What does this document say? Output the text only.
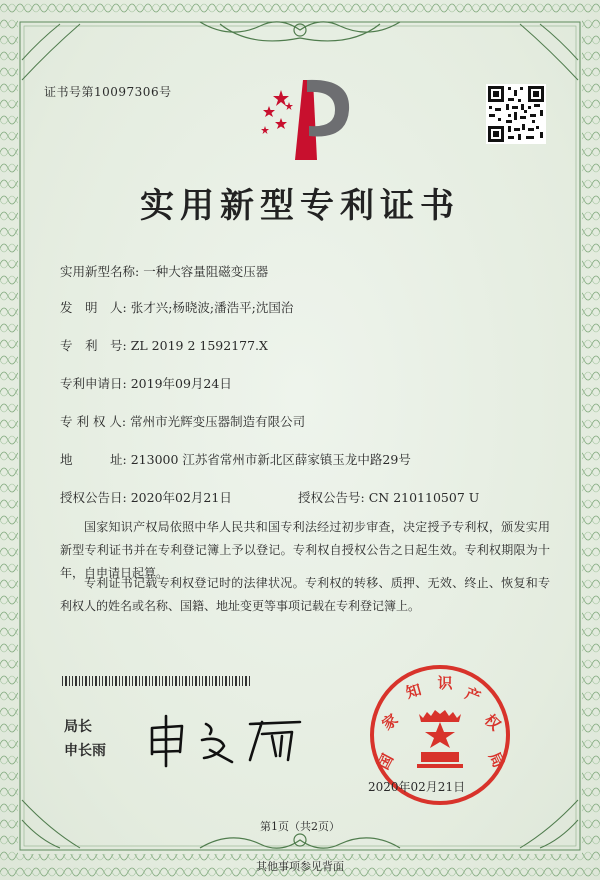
证书号第10097306号
实用新型专利证书
实用新型名称: 一种大容量阻磁变压器
发　明　人: 张才兴;杨晓波;潘浩平;沈国治
专　利　号: ZL 2019 2 1592177.X
专利申请日: 2019年09月24日
专 利 权 人: 常州市光辉变压器制造有限公司
地　　　址: 213000 江苏省常州市新北区薛家镇玉龙中路29号
授权公告日: 2020年02月21日	授权公告号: CN 210110507 U
国家知识产权局依照中华人民共和国专利法经过初步审查，决定授予专利权，颁发实用新型专利证书并在专利登记簿上予以登记。专利权自授权公告之日起生效。专利权期限为十年，自申请日起算。
专利证书记载专利权登记时的法律状况。专利权的转移、质押、无效、终止、恢复和专利权人的姓名或名称、国籍、地址变更等事项记载在专利登记簿上。
局长
申长雨	国
家
知 识
产
权
局
2020年02月21日
第1页（共2页）
其他事项参见背面
